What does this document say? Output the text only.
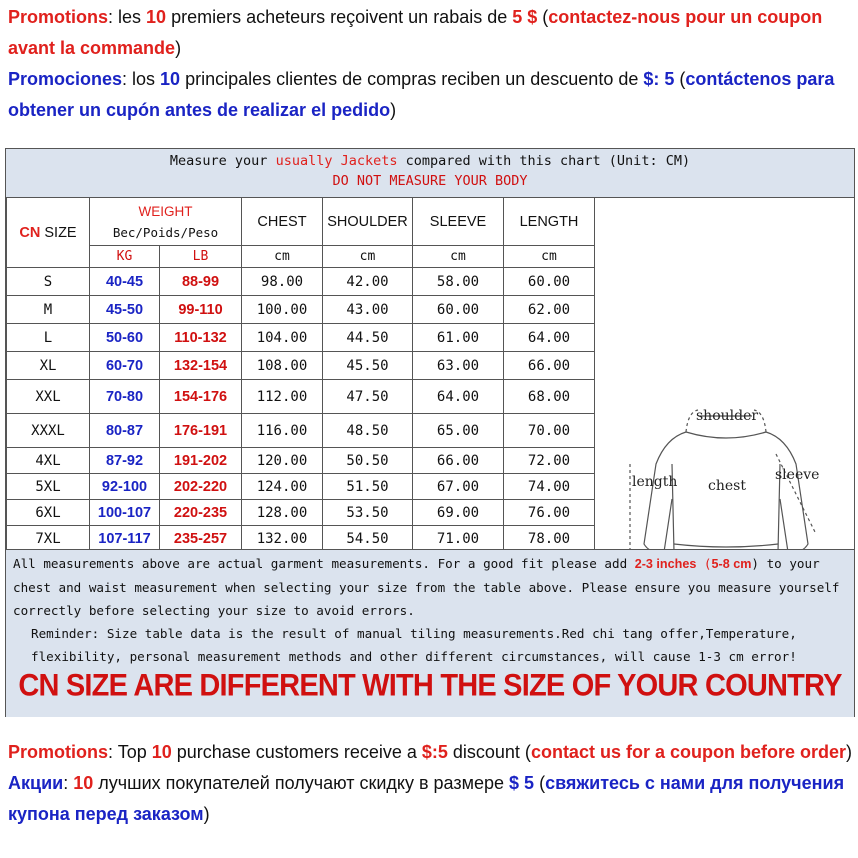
Promotions: les 10 premiers acheteurs reçoivent un rabais de 5 $ (contactez-nous pour un coupon avant la commande)
Promociones: los 10 principales clientes de compras reciben un descuento de $: 5 (contáctenos para obtener un cupón antes de realizar el pedido)
Measure your usually Jackets compared with this chart (Unit: CM)
DO NOT MEASURE YOUR BODY
CN SIZE	WEIGHT
Вес/Poids/Peso		CHEST	SHOULDER	SLEEVE	LENGTH
	KG	LB	cm	cm	cm	cm
S	40-45	88-99	98.00	42.00	58.00	60.00
M	45-50	99-110	100.00	43.00	60.00	62.00
L	50-60	110-132	104.00	44.50	61.00	64.00
XL	60-70	132-154	108.00	45.50	63.00	66.00
XXL	70-80	154-176	112.00	47.50	64.00	68.00
XXXL	80-87	176-191	116.00	48.50	65.00	70.00
4XL	87-92	191-202	120.00	50.50	66.00	72.00
5XL	92-100	202-220	124.00	51.50	67.00	74.00
6XL	100-107	220-235	128.00	53.50	69.00	76.00
7XL	107-117	235-257	132.00	54.50	71.00	78.00
shoulder
length chest
sleeve
All measurements above are actual garment measurements. For a good fit please add 2-3 inches (5-8 cm) to your chest and waist measurement when selecting your size from the table above. Please ensure you measure yourself correctly before selecting your size to avoid errors.
Reminder: Size table data is the result of manual tiling measurements.Red chi tang offer,Temperature, flexibility, personal measurement methods and other different circumstances, will cause 1-3 cm error!
CN SIZE ARE DIFFERENT WITH THE SIZE OF YOUR COUNTRY
Promotions: Top 10 purchase customers receive a $:5 discount (contact us for a coupon before order)
Акции: 10 лучших покупателей получают скидку в размере $ 5 (свяжитесь с нами для получения купона перед заказом)
